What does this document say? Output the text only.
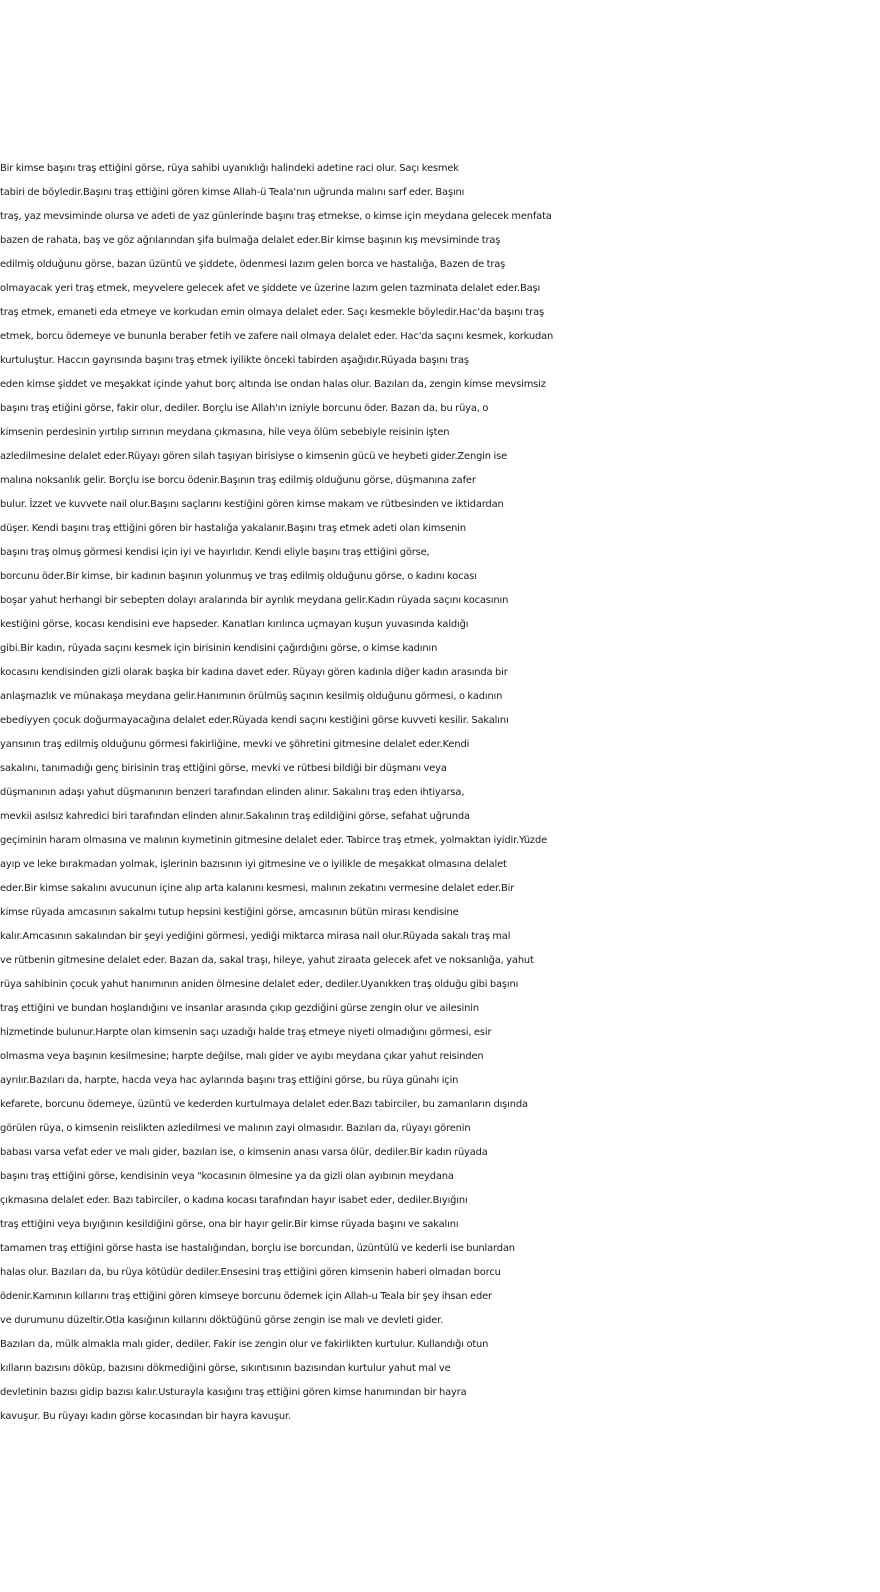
Bir kimse başını traş ettiğini görse, rüya sahibi uyanıklığı halindeki adetine raci olur. Saçı kesmek
tabiri de böyledir.Başını traş ettiğini gören kimse Allah-ü Teala'nın uğrunda malını sarf eder. Başını
traş, yaz mevsiminde olursa ve adeti de yaz günlerinde başını traş etmekse, o kimse için meydana gelecek menfata
bazen de rahata, baş ve göz ağrılarından şifa bulmağa delalet eder.Bir kimse başının kış mevsiminde traş
edilmiş olduğunu görse, bazan üzüntü ve şiddete, ödenmesi lazım gelen borca ve hastalığa, Bazen de traş
olmayacak yeri traş etmek, meyvelere gelecek afet ve şiddete ve üzerine lazım gelen tazminata delalet eder.Başı
traş etmek, emaneti eda etmeye ve korkudan emin olmaya delalet eder. Saçı kesmekle böyledir.Hac'da başını traş
etmek, borcu ödemeye ve bununla beraber fetih ve zafere nail olmaya delalet eder. Hac'da saçını kesmek, korkudan
kurtuluştur. Haccın gayrısında başını traş etmek iyilikte önceki tabirden aşağıdır.Rüyada başını traş
eden kimse şiddet ve meşakkat içinde yahut borç altında ise ondan halas olur. Bazıları da, zengin kimse mevsimsiz
başını traş etiğini görse, fakir olur, dediler. Borçlu ise Allah'ın izniyle borcunu öder. Bazan da, bu rüya, o
kimsenin perdesinin yırtılıp sırrının meydana çıkmasına, hile veya ölüm sebebiyle reisinin işten
azledilmesine delalet eder.Rüyayı gören silah taşıyan birisiyse o kimsenin gücü ve heybeti gider.Zengin ise
malına noksanlık gelir. Borçlu ise borcu ödenir.Başının traş edilmiş olduğunu görse, düşmanına zafer
bulur. İzzet ve kuvvete nail olur.Başını saçlarını kestiğini gören kimse makam ve rütbesinden ve iktidardan
düşer. Kendi başını traş ettiğini gören bir hastalığa yakalanır.Başını traş etmek adeti olan kimsenin
başını traş olmuş görmesi kendisi için iyi ve hayırlıdır. Kendi eliyle başını traş ettiğini görse,
borcunu öder.Bir kimse, bir kadının başının yolunmuş ve traş edilmiş olduğunu görse, o kadını kocası
boşar yahut herhangi bir sebepten dolayı aralarında bir ayrılık meydana gelir.Kadın rüyada saçını kocasının
kestiğini görse, kocası kendisini eve hapseder. Kanatları kırılınca uçmayan kuşun yuvasında kaldığı
gibi.Bir kadın, rüyada saçını kesmek için birisinin kendisini çağırdığını görse, o kimse kadının
kocasını kendisinden gizli olarak başka bir kadına davet eder. Rüyayı gören kadınla diğer kadın arasında bir
anlaşmazlık ve münakaşa meydana gelir.Hanımının örülmüş saçının kesilmiş olduğunu görmesi, o kadının
ebediyyen çocuk doğurmayacağına delalet eder.Rüyada kendi saçını kestiğini görse kuvveti kesilir. Sakalını
yarısının traş edilmiş olduğunu görmesi fakirliğine, mevki ve şöhretini gitmesine delalet eder.Kendi
sakalını, tanımadığı genç birisinin traş ettiğini görse, mevki ve rütbesi bildiği bir düşmanı veya
düşmanının adaşı yahut düşmanının benzeri tarafından elinden alınır. Sakalını traş eden ihtiyarsa,
mevkii asılsız kahredici biri tarafından elinden alınır.Sakalının traş edildiğini görse, sefahat uğrunda
geçiminin haram olmasına ve malının kıymetinin gitmesine delalet eder. Tabirce traş etmek, yolmaktan iyidir.Yüzde
ayıp ve leke bırakmadan yolmak, işlerinin bazısının iyi gitmesine ve o iyilikle de meşakkat olmasına delalet
eder.Bir kimse sakalını avucunun içine alıp arta kalanını kesmesi, malının zekatını vermesine delalet eder.Bir
kimse rüyada amcasının sakalmı tutup hepsini kestiğini görse, amcasının bütün mirası kendisine
kalır.Amcasının sakalından bir şeyi yediğini görmesi, yediği miktarca mirasa nail olur.Rüyada sakalı traş mal
ve rütbenin gitmesine delalet eder. Bazan da, sakal traşı, hileye, yahut ziraata gelecek afet ve noksanlığa, yahut
rüya sahibinin çocuk yahut hanımının aniden ölmesine delalet eder, dediler.Uyanıkken traş olduğu gibi başını
traş ettiğini ve bundan hoşlandığını ve insanlar arasında çıkıp gezdiğini gürse zengin olur ve ailesinin
hizmetinde bulunur.Harpte olan kimsenin saçı uzadığı halde traş etmeye niyeti olmadığını görmesi, esir
olmasma veya başının kesilmesine; harpte değilse, malı gider ve ayıbı meydana çıkar yahut reisinden
ayrılır.Bazıları da, harpte, hacda veya hac aylarında başını traş ettiğini görse, bu rüya günahı için
kefarete, borcunu ödemeye, üzüntü ve kederden kurtulmaya delalet eder.Bazı tabirciler, bu zamanların dışında
görülen rüya, o kimsenin reislikten azledilmesi ve malının zayi olmasıdır. Bazıları da, rüyayı görenin
babası varsa vefat eder ve malı gider, bazıları ise, o kimsenin anası varsa ölür, dediler.Bir kadın rüyada
başını traş ettiğini görse, kendisinin veya "kocasının ölmesine ya da gizli olan ayıbının meydana
çıkmasına delalet eder. Bazı tabirciler, o kadına kocası tarafından hayır isabet eder, dediler.Bıyığını
traş ettiğini veya bıyığının kesildiğini görse, ona bir hayır gelir.Bir kimse rüyada başını ve sakalını
tamamen traş ettiğini görse hasta ise hastalığından, borçlu ise borcundan, üzüntülü ve kederli ise bunlardan
halas olur. Bazıları da, bu rüya kötüdür dediler.Ensesini traş ettiğini gören kimsenin haberi olmadan borcu
ödenir.Karnının kıllarını traş ettiğini gören kimseye borcunu ödemek için Allah-u Teala bir şey ihsan eder
ve durumunu düzeltir.Otla kasığının kıllarını döktüğünü görse zengin ise malı ve devleti gider.
Bazıları da, mülk almakla malı gider, dediler. Fakir ise zengin olur ve fakirlikten kurtulur. Kullandığı otun
kılların bazısını döküp, bazısını dökmediğini görse, sıkıntısının bazısından kurtulur yahut mal ve
devletinin bazısı gidip bazısı kalır.Usturayla kasığını traş ettiğini gören kimse hanımından bir hayra
kavuşur. Bu rüyayı kadın görse kocasından bir hayra kavuşur.
